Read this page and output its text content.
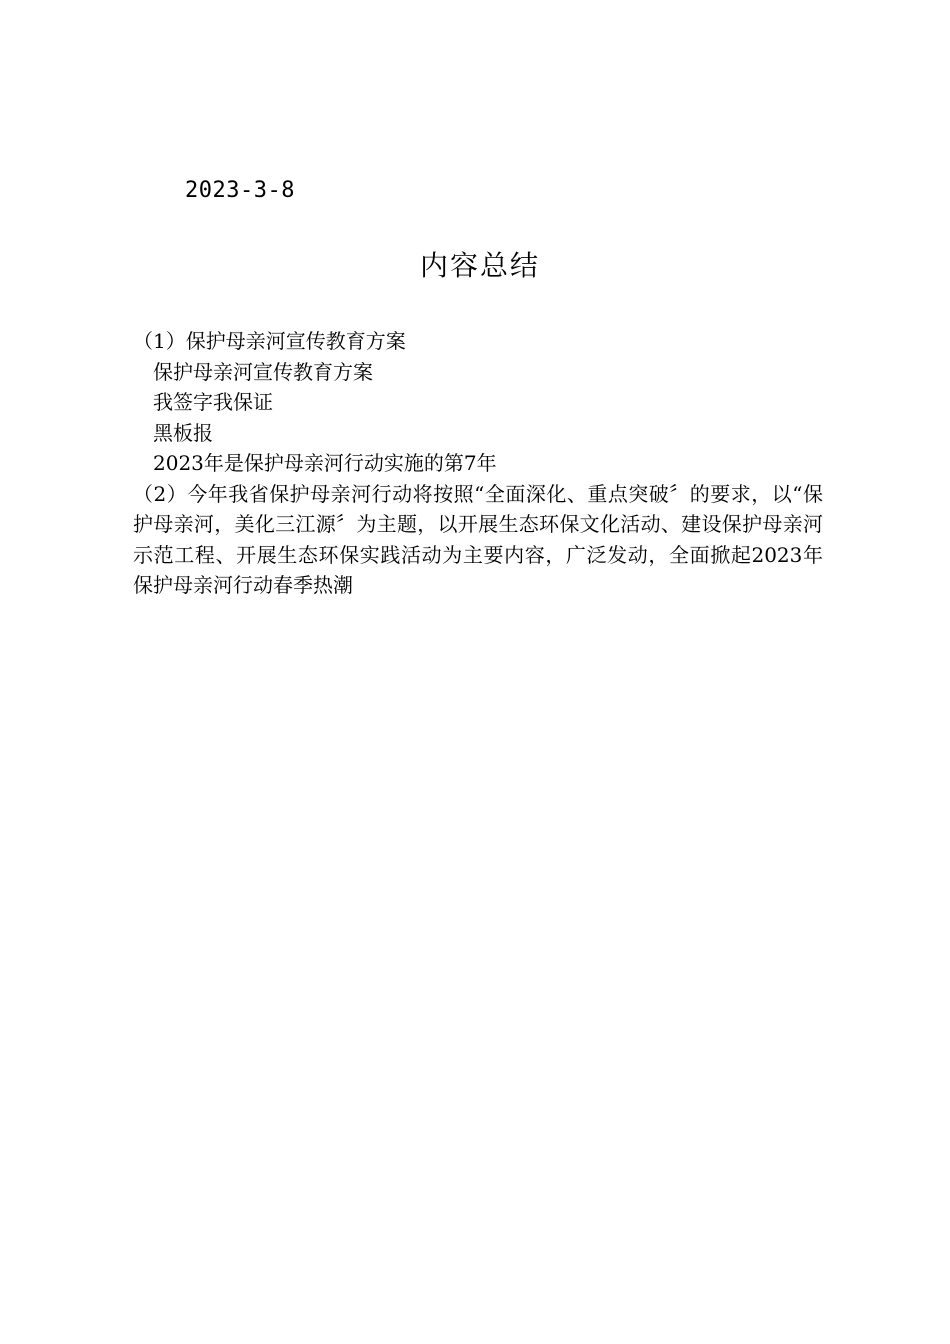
2023-3-8
内容总结
（1）保护母亲河宣传教育方案
保护母亲河宣传教育方案
我签字我保证
黑板报
2023年是保护母亲河行动实施的第7年
（2）今年我省保护母亲河行动将按照“全面深化、重点突破〞的要求，以“保护母亲河，美化三江源〞为主题，以开展生态环保文化活动、建设保护母亲河示范工程、开展生态环保实践活动为主要内容，广泛发动，全面掀起2023年保护母亲河行动春季热潮
